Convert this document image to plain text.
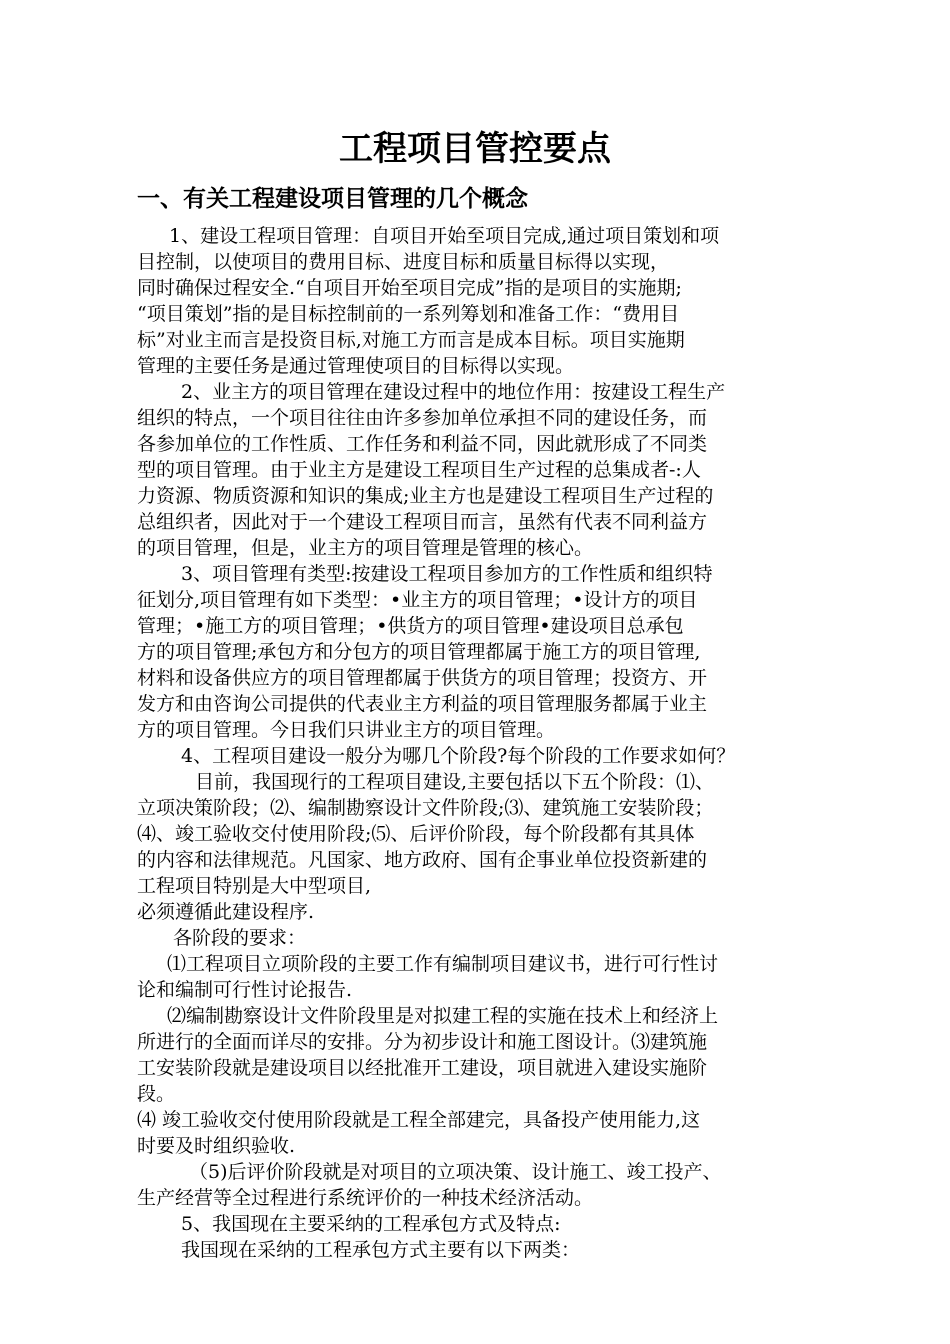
工程项目管控要点
一、有关工程建设项目管理的几个概念
1、建设工程项目管理：自项目开始至项目完成,通过项目策划和项
目控制，以使项目的费用目标、进度目标和质量目标得以实现，
同时确保过程安全.“自项目开始至项目完成”指的是项目的实施期;
“项目策划”指的是目标控制前的一系列筹划和准备工作：“费用目
标”对业主而言是投资目标,对施工方而言是成本目标。项目实施期
管理的主要任务是通过管理使项目的目标得以实现。
2、业主方的项目管理在建设过程中的地位作用：按建设工程生产
组织的特点，一个项目往往由许多参加单位承担不同的建设任务，而
各参加单位的工作性质、工作任务和利益不同，因此就形成了不同类
型的项目管理。由于业主方是建设工程项目生产过程的总集成者-:人
力资源、物质资源和知识的集成;业主方也是建设工程项目生产过程的
总组织者，因此对于一个建设工程项目而言，虽然有代表不同利益方
的项目管理，但是，业主方的项目管理是管理的核心。
3、项目管理有类型:按建设工程项目参加方的工作性质和组织特
征划分,项目管理有如下类型：•业主方的项目管理；•设计方的项目
管理；•施工方的项目管理；•供货方的项目管理•建设项目总承包
方的项目管理;承包方和分包方的项目管理都属于施工方的项目管理,
材料和设备供应方的项目管理都属于供货方的项目管理；投资方、开
发方和由咨询公司提供的代表业主方利益的项目管理服务都属于业主
方的项目管理。今日我们只讲业主方的项目管理。
4、工程项目建设一般分为哪几个阶段?每个阶段的工作要求如何？
目前，我国现行的工程项目建设,主要包括以下五个阶段：⑴、
立项决策阶段；⑵、编制勘察设计文件阶段;⑶、建筑施工安装阶段；
⑷、竣工验收交付使用阶段;⑸、后评价阶段，每个阶段都有其具体
的内容和法律规范。凡国家、地方政府、国有企事业单位投资新建的
工程项目特别是大中型项目,
必须遵循此建设程序.
各阶段的要求：
⑴工程项目立项阶段的主要工作有编制项目建议书，进行可行性讨
论和编制可行性讨论报告.
⑵编制勘察设计文件阶段里是对拟建工程的实施在技术上和经济上
所进行的全面而详尽的安排。分为初步设计和施工图设计。⑶建筑施
工安装阶段就是建设项目以经批准开工建设，项目就进入建设实施阶
段。
⑷ 竣工验收交付使用阶段就是工程全部建完，具备投产使用能力,这
时要及时组织验收.
（5)后评价阶段就是对项目的立项决策、设计施工、竣工投产、
生产经营等全过程进行系统评价的一种技术经济活动。
5、我国现在主要采纳的工程承包方式及特点:
我国现在采纳的工程承包方式主要有以下两类：
